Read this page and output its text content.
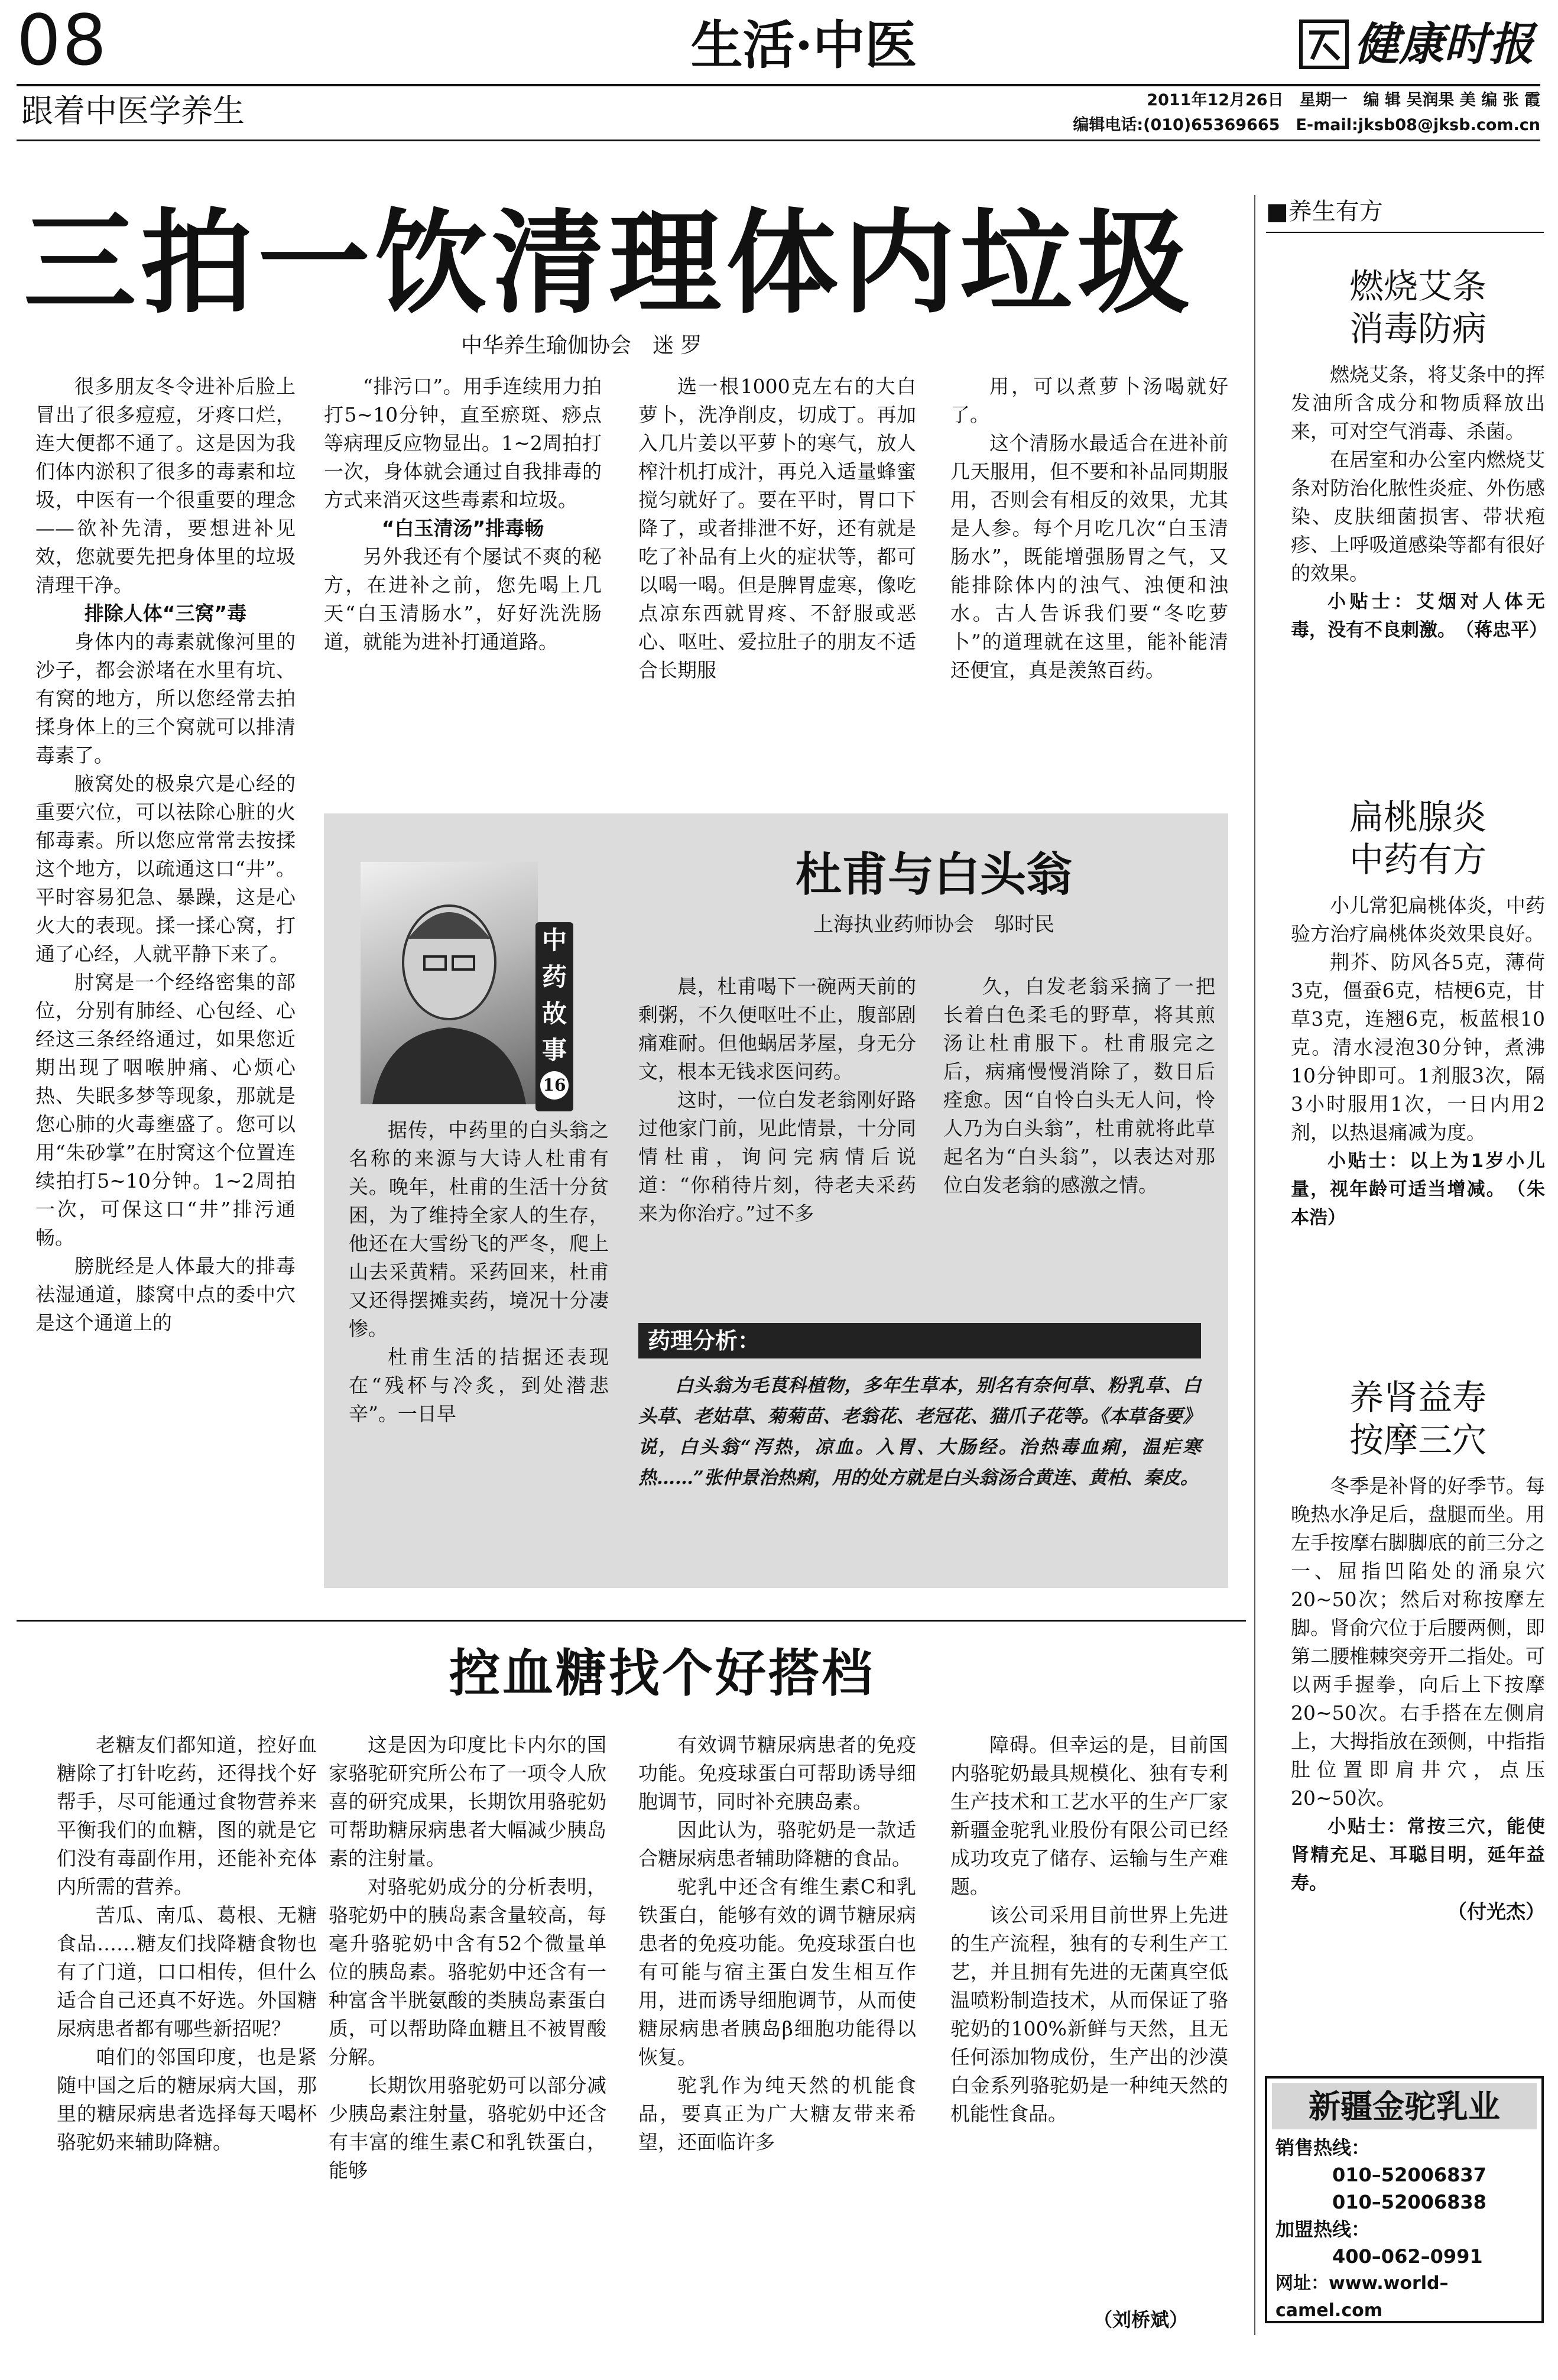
08	生活·中医	健康时报
跟着中医学养生	2011年12月26日　星期一　编 辑 吴润果 美 编 张 霞
编辑电话:(010)65369665　E-mail:jksb08@jksb.com.cn
三拍一饮清理体内垃圾
中华养生瑜伽协会　迷 罗

很多朋友冬令进补后脸上冒出了很多痘痘，牙疼口烂，连大便都不通了。这是因为我们体内淤积了很多的毒素和垃圾，中医有一个很重要的理念——欲补先清，要想进补见效，您就要先把身体里的垃圾清理干净。

排除人体“三窝”毒

身体内的毒素就像河里的沙子，都会淤堵在水里有坑、有窝的地方，所以您经常去拍揉身体上的三个窝就可以排清毒素了。

腋窝处的极泉穴是心经的重要穴位，可以祛除心脏的火郁毒素。所以您应常常去按揉这个地方，以疏通这口“井”。平时容易犯急、暴躁，这是心火大的表现。揉一揉心窝，打通了心经，人就平静下来了。

肘窝是一个经络密集的部位，分别有肺经、心包经、心经这三条经络通过，如果您近期出现了咽喉肿痛、心烦心热、失眠多梦等现象，那就是您心肺的火毒壅盛了。您可以用“朱砂掌”在肘窝这个位置连续拍打5~10分钟。1~2周拍一次，可保这口“井”排污通畅。

膀胱经是人体最大的排毒祛湿通道，膝窝中点的委中穴是这个通道上的

“排污口”。用手连续用力拍打5~10分钟，直至瘀斑、痧点等病理反应物显出。1~2周拍打一次，身体就会通过自我排毒的方式来消灭这些毒素和垃圾。

“白玉清汤”排毒畅

另外我还有个屡试不爽的秘方，在进补之前，您先喝上几天“白玉清肠水”，好好洗洗肠道，就能为进补打通道路。

选一根1000克左右的大白萝卜，洗净削皮，切成丁。再加入几片姜以平萝卜的寒气，放人榨汁机打成汁，再兑入适量蜂蜜搅匀就好了。要在平时，胃口下降了，或者排泄不好，还有就是吃了补品有上火的症状等，都可以喝一喝。但是脾胃虚寒，像吃点凉东西就胃疼、不舒服或恶心、呕吐、爱拉肚子的朋友不适合长期服

用，可以煮萝卜汤喝就好了。

这个清肠水最适合在进补前几天服用，但不要和补品同期服用，否则会有相反的效果，尤其是人参。每个月吃几次“白玉清肠水”，既能增强肠胃之气，又能排除体内的浊气、浊便和浊水。古人告诉我们要“冬吃萝卜”的道理就在这里，能补能清还便宜，真是羡煞百药。

杜甫与白头翁
上海执业药师协会　邬时民
中
药
故
事
16

据传，中药里的白头翁之名称的来源与大诗人杜甫有关。晚年，杜甫的生活十分贫困，为了维持全家人的生存，他还在大雪纷飞的严冬，爬上山去采黄精。采药回来，杜甫又还得摆摊卖药，境况十分凄惨。

杜甫生活的拮据还表现在“残杯与冷炙，到处潜悲辛”。一日早

晨，杜甫喝下一碗两天前的剩粥，不久便呕吐不止，腹部剧痛难耐。但他蜗居茅屋，身无分文，根本无钱求医问药。

这时，一位白发老翁刚好路过他家门前，见此情景，十分同情杜甫，询问完病情后说道：“你稍待片刻，待老夫采药来为你治疗。”过不多

久，白发老翁采摘了一把长着白色柔毛的野草，将其煎汤让杜甫服下。杜甫服完之后，病痛慢慢消除了，数日后痊愈。因“自怜白头无人问，怜人乃为白头翁”，杜甫就将此草起名为“白头翁”，以表达对那位白发老翁的感激之情。

药理分析：
白头翁为毛茛科植物，多年生草本，别名有奈何草、粉乳草、白头草、老姑草、菊菊苗、老翁花、老冠花、猫爪子花等。《本草备要》说，白头翁“泻热，凉血。入胃、大肠经。治热毒血痢，温疟寒热……”张仲景治热痢，用的处方就是白头翁汤合黄连、黄柏、秦皮。
控血糖找个好搭档

老糖友们都知道，控好血糖除了打针吃药，还得找个好帮手，尽可能通过食物营养来平衡我们的血糖，图的就是它们没有毒副作用，还能补充体内所需的营养。

苦瓜、南瓜、葛根、无糖食品……糖友们找降糖食物也有了门道，口口相传，但什么适合自己还真不好选。外国糖尿病患者都有哪些新招呢？

咱们的邻国印度，也是紧随中国之后的糖尿病大国，那里的糖尿病患者选择每天喝杯骆驼奶来辅助降糖。

这是因为印度比卡内尔的国家骆驼研究所公布了一项令人欣喜的研究成果，长期饮用骆驼奶可帮助糖尿病患者大幅减少胰岛素的注射量。

对骆驼奶成分的分析表明，骆驼奶中的胰岛素含量较高，每毫升骆驼奶中含有52个微量单位的胰岛素。骆驼奶中还含有一种富含半胱氨酸的类胰岛素蛋白质，可以帮助降血糖且不被胃酸分解。

长期饮用骆驼奶可以部分减少胰岛素注射量，骆驼奶中还含有丰富的维生素C和乳铁蛋白，能够

有效调节糖尿病患者的免疫功能。免疫球蛋白可帮助诱导细胞调节，同时补充胰岛素。

因此认为，骆驼奶是一款适合糖尿病患者辅助降糖的食品。

驼乳中还含有维生素C和乳铁蛋白，能够有效的调节糖尿病患者的免疫功能。免疫球蛋白也有可能与宿主蛋白发生相互作用，进而诱导细胞调节，从而使糖尿病患者胰岛β细胞功能得以恢复。

驼乳作为纯天然的机能食品，要真正为广大糖友带来希望，还面临许多

障碍。但幸运的是，目前国内骆驼奶最具规模化、独有专利生产技术和工艺水平的生产厂家新疆金驼乳业股份有限公司已经成功攻克了储存、运输与生产难题。

该公司采用目前世界上先进的生产流程，独有的专利生产工艺，并且拥有先进的无菌真空低温喷粉制造技术，从而保证了骆驼奶的100%新鲜与天然，且无任何添加物成份，生产出的沙漠白金系列骆驼奶是一种纯天然的机能性食品。

（刘桥斌）
■养生有方
燃烧艾条
消毒防病

燃烧艾条，将艾条中的挥发油所含成分和物质释放出来，可对空气消毒、杀菌。

在居室和办公室内燃烧艾条对防治化脓性炎症、外伤感染、皮肤细菌损害、带状疱疹、上呼吸道感染等都有很好的效果。

小贴士：艾烟对人体无毒，没有不良刺激。　（蒋忠平）

扁桃腺炎
中药有方

小儿常犯扁桃体炎，中药验方治疗扁桃体炎效果良好。

荆芥、防风各5克，薄荷3克，僵蚕6克，桔梗6克，甘草3克，连翘6克，板蓝根10克。清水浸泡30分钟，煮沸10分钟即可。1剂服3次，隔3小时服用1次，一日内用2剂，以热退痛减为度。

小贴士：以上为1岁小儿量，视年龄可适当增减。　（朱本浩）

养肾益寿
按摩三穴

冬季是补肾的好季节。每晚热水净足后，盘腿而坐。用左手按摩右脚脚底的前三分之一、屈指凹陷处的涌泉穴20~50次；然后对称按摩左脚。肾俞穴位于后腰两侧，即第二腰椎棘突旁开二指处。可以两手握拳，向后上下按摩20~50次。右手搭在左侧肩上，大拇指放在颈侧，中指指肚位置即肩井穴，点压20~50次。

小贴士：常按三穴，能使肾精充足、耳聪目明，延年益寿。

（付光杰）

新疆金驼乳业
销售热线：
010–52006837
010–52006838
加盟热线：
400–062–0991
网址：www.world–camel.com
